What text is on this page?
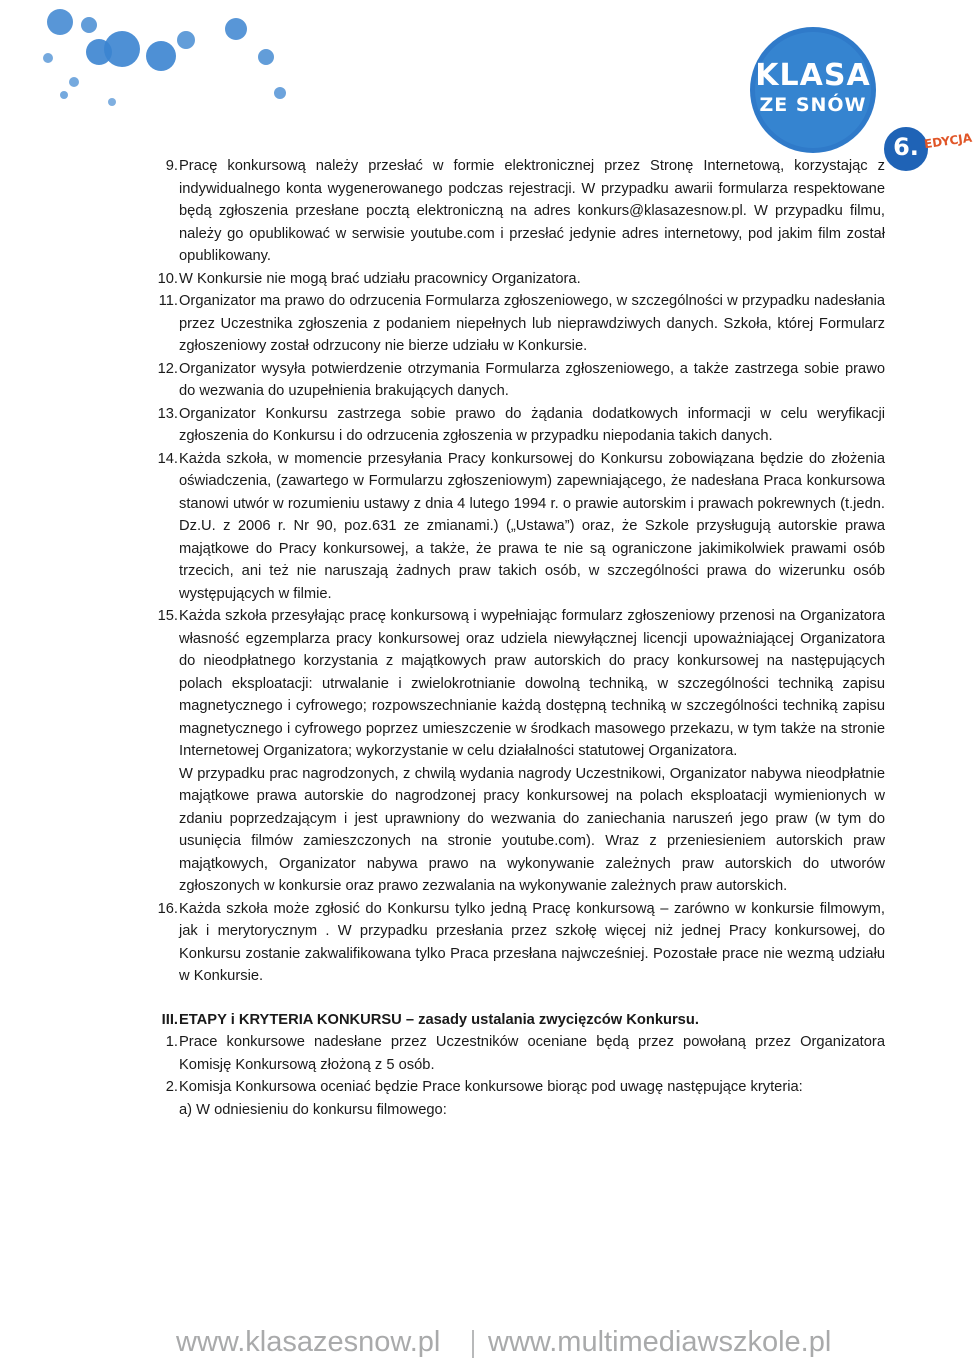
KLASA
ZE SNÓW
6. EDYCJA
9. Pracę konkursową należy przesłać w formie elektronicznej przez Stronę Internetową, korzystając z indywidualnego konta wygenerowanego podczas rejestracji. W przypadku awarii formularza respektowane będą zgłoszenia przesłane pocztą elektroniczną na adres konkurs@klasazesnow.pl. W przypadku filmu, należy go opublikować w serwisie youtube.com i przesłać jedynie adres internetowy, pod jakim film został opublikowany.
10. W Konkursie nie mogą brać udziału pracownicy Organizatora.
11. Organizator ma prawo do odrzucenia Formularza zgłoszeniowego, w szczególności w przypadku nadesłania przez Uczestnika zgłoszenia z podaniem niepełnych lub nieprawdziwych danych. Szkoła, której Formularz zgłoszeniowy został odrzucony nie bierze udziału w Konkursie.
12. Organizator wysyła potwierdzenie otrzymania Formularza zgłoszeniowego, a także zastrzega sobie prawo do wezwania do uzupełnienia brakujących danych.
13. Organizator Konkursu zastrzega sobie prawo do żądania dodatkowych informacji w celu weryfikacji zgłoszenia do Konkursu i do odrzucenia zgłoszenia w przypadku niepodania takich danych.
14. Każda szkoła, w momencie przesyłania Pracy konkursowej do Konkursu zobowiązana będzie do złożenia oświadczenia, (zawartego w Formularzu zgłoszeniowym) zapewniającego, że nadesłana Praca konkursowa stanowi utwór w rozumieniu ustawy z dnia 4 lutego 1994 r. o prawie autorskim i prawach pokrewnych (t.jedn. Dz.U. z 2006 r. Nr 90, poz.631 ze zmianami.) („Ustawa”) oraz, że Szkole przysługują autorskie prawa majątkowe do Pracy konkursowej, a także, że prawa te nie są ograniczone jakimikolwiek prawami osób trzecich, ani też nie naruszają żadnych praw takich osób, w szczególności prawa do wizerunku osób występujących w filmie.
15. Każda szkoła przesyłając pracę konkursową i wypełniając formularz zgłoszeniowy przenosi na Organizatora własność egzemplarza pracy konkursowej oraz udziela niewyłącznej licencji upoważniającej Organizatora do nieodpłatnego korzystania z majątkowych praw autorskich do pracy konkursowej na następujących polach eksploatacji: utrwalanie i zwielokrotnianie dowolną techniką, w szczególności techniką zapisu magnetycznego i cyfrowego; rozpowszechnianie każdą dostępną techniką w szczególności techniką zapisu magnetycznego i cyfrowego poprzez umieszczenie w środkach masowego przekazu, w tym także na stronie Internetowej Organizatora; wykorzystanie w celu działalności statutowej Organizatora.

W przypadku prac nagrodzonych, z chwilą wydania nagrody Uczestnikowi, Organizator nabywa nieodpłatnie majątkowe prawa autorskie do nagrodzonej pracy konkursowej na polach eksploatacji wymienionych w zdaniu poprzedzającym i jest uprawniony do wezwania do zaniechania naruszeń jego praw (w tym do usunięcia filmów zamieszczonych na stronie youtube.com). Wraz z przeniesieniem autorskich praw majątkowych, Organizator nabywa prawo na wykonywanie zależnych praw autorskich do utworów zgłoszonych w konkursie oraz prawo zezwalania na wykonywanie zależnych praw autorskich.

16. Każda szkoła może zgłosić do Konkursu tylko jedną Pracę konkursową – zarówno w konkursie filmowym, jak i merytorycznym . W przypadku przesłania przez szkołę więcej niż jednej Pracy konkursowej, do Konkursu zostanie zakwalifikowana tylko Praca przesłana najwcześniej. Pozostałe prace nie wezmą udziału w Konkursie.
III. ETAPY i KRYTERIA KONKURSU – zasady ustalania zwycięzców Konkursu.
1. Prace konkursowe nadesłane przez Uczestników oceniane będą przez powołaną przez Organizatora Komisję Konkursową złożoną z 5 osób.
2. Komisja Konkursowa oceniać będzie Prace konkursowe biorąc pod uwagę następujące kryteria:

a) W odniesieniu do konkursu filmowego:

www.klasazesnow.pl www.multimediawszkole.pl
